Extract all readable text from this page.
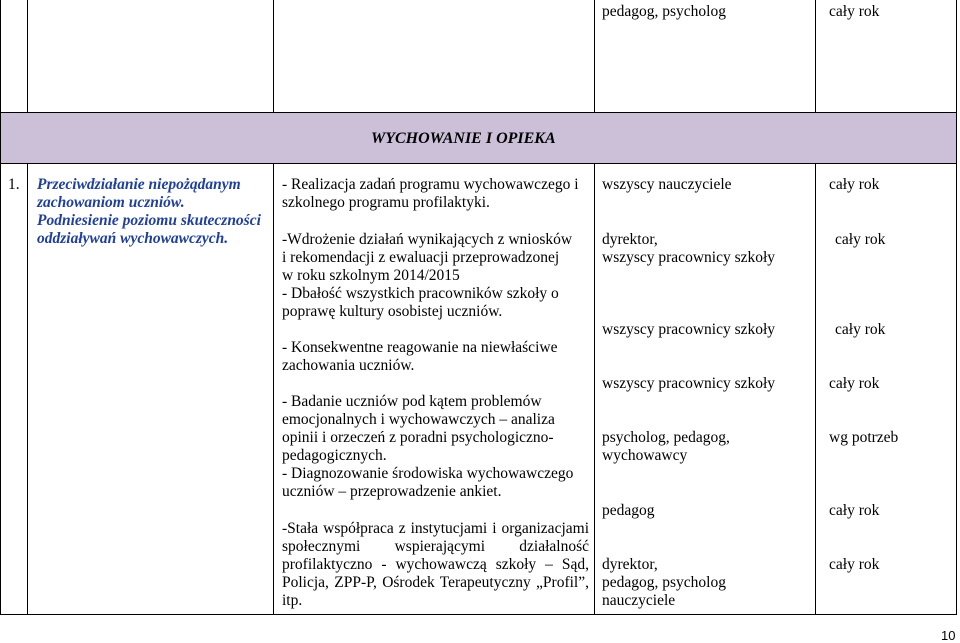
pedagog, psycholog	cały rok
WYCHOWANIE I OPIEKA
1. Przeciwdziałanie niepożądanym
zachowaniom uczniów.
Podniesienie poziomu skuteczności
oddziaływań wychowawczych.
- Realizacja zadań programu wychowawczego i
szkolnego programu profilaktyki.
-Wdrożenie działań wynikających z wniosków
i rekomendacji z ewaluacji przeprowadzonej
w roku szkolnym 2014/2015
- Dbałość wszystkich pracowników szkoły o
poprawę kultury osobistej uczniów.
- Konsekwentne reagowanie na niewłaściwe
zachowania uczniów.
- Badanie uczniów pod kątem problemów
emocjonalnych i wychowawczych – analiza
opinii i orzeczeń z poradni psychologiczno-
pedagogicznych.
- Diagnozowanie środowiska wychowawczego
uczniów – przeprowadzenie ankiet.
-Stała współpraca z instytucjami i organizacjami
społecznymi wspierającymi działalność
profilaktyczno - wychowawczą szkoły – Sąd,
Policja, ZPP-P, Ośrodek Terapeutyczny „Profil”,
itp.
wszyscy nauczyciele
dyrektor,
wszyscy pracownicy szkoły
wszyscy pracownicy szkoły
wszyscy pracownicy szkoły
psycholog, pedagog,
wychowawcy
pedagog
dyrektor,
pedagog, psycholog
nauczyciele
cały rok
cały rok
cały rok
cały rok
wg potrzeb
cały rok
cały rok
10
